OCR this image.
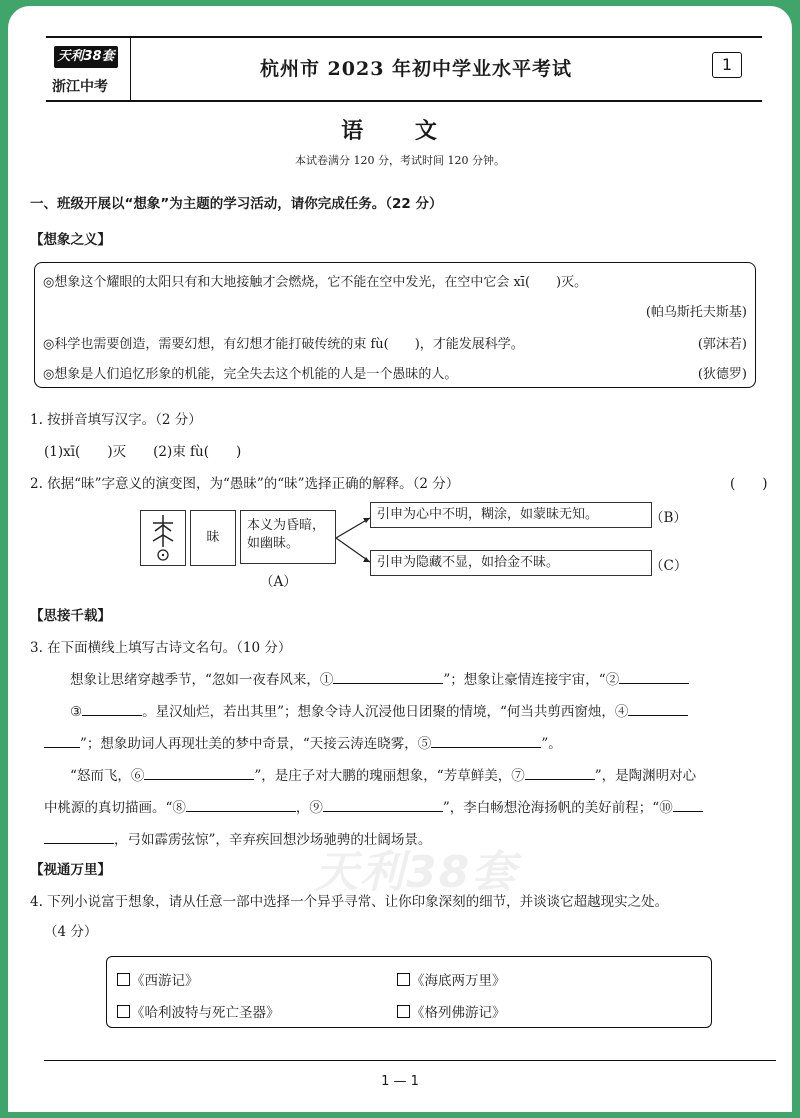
天利38套
浙江中考
杭州市 2023 年初中学业水平考试	1
语 文
本试卷满分 120 分，考试时间 120 分钟。
一、班级开展以“想象”为主题的学习活动，请你完成任务。（22 分）
【想象之义】
◎想象这个耀眼的太阳只有和大地接触才会燃烧，它不能在空中发光，在空中它会 xī(　　)灭。
(帕乌斯托夫斯基)
◎科学也需要创造，需要幻想，有幻想才能打破传统的束 fù(　　)，才能发展科学。	(郭沫若)
◎想象是人们追忆形象的机能，完全失去这个机能的人是一个愚昧的人。	(狄德罗)
1. 按拼音填写汉字。（2 分）
(1)xī(　　)灭　　(2)束 fù(　　)
2. 依据“昧”字意义的演变图，为“愚昧”的“昧”选择正确的解释。（2 分）	(　　)
昧
本义为昏暗，如幽昧。
（A）
引申为心中不明，糊涂，如蒙昧无知。	（B）
引申为隐藏不显，如拾金不昧。	（C）
【思接千载】
3. 在下面横线上填写古诗文名句。（10 分）
想象让思绪穿越季节，“忽如一夜春风来，①	”；想象让豪情连接宇宙，“②
③	。星汉灿烂，若出其里”；想象令诗人沉浸他日团聚的情境，“何当共剪西窗烛，④
”；想象助词人再现壮美的梦中奇景，“天接云涛连晓雾，⑤	”。
“怒而飞，⑥	”，是庄子对大鹏的瑰丽想象，“芳草鲜美，⑦	”，是陶渊明对心
中桃源的真切描画。“⑧	，⑨	”，李白畅想沧海扬帆的美好前程；“⑩
，弓如霹雳弦惊”，辛弃疾回想沙场驰骋的壮阔场景。
天利38套
【视通万里】
4. 下列小说富于想象，请从任意一部中选择一个异乎寻常、让你印象深刻的细节，并谈谈它超越现实之处。
（4 分）
《西游记》	《海底两万里》
《哈利波特与死亡圣器》	《格列佛游记》
1 — 1
